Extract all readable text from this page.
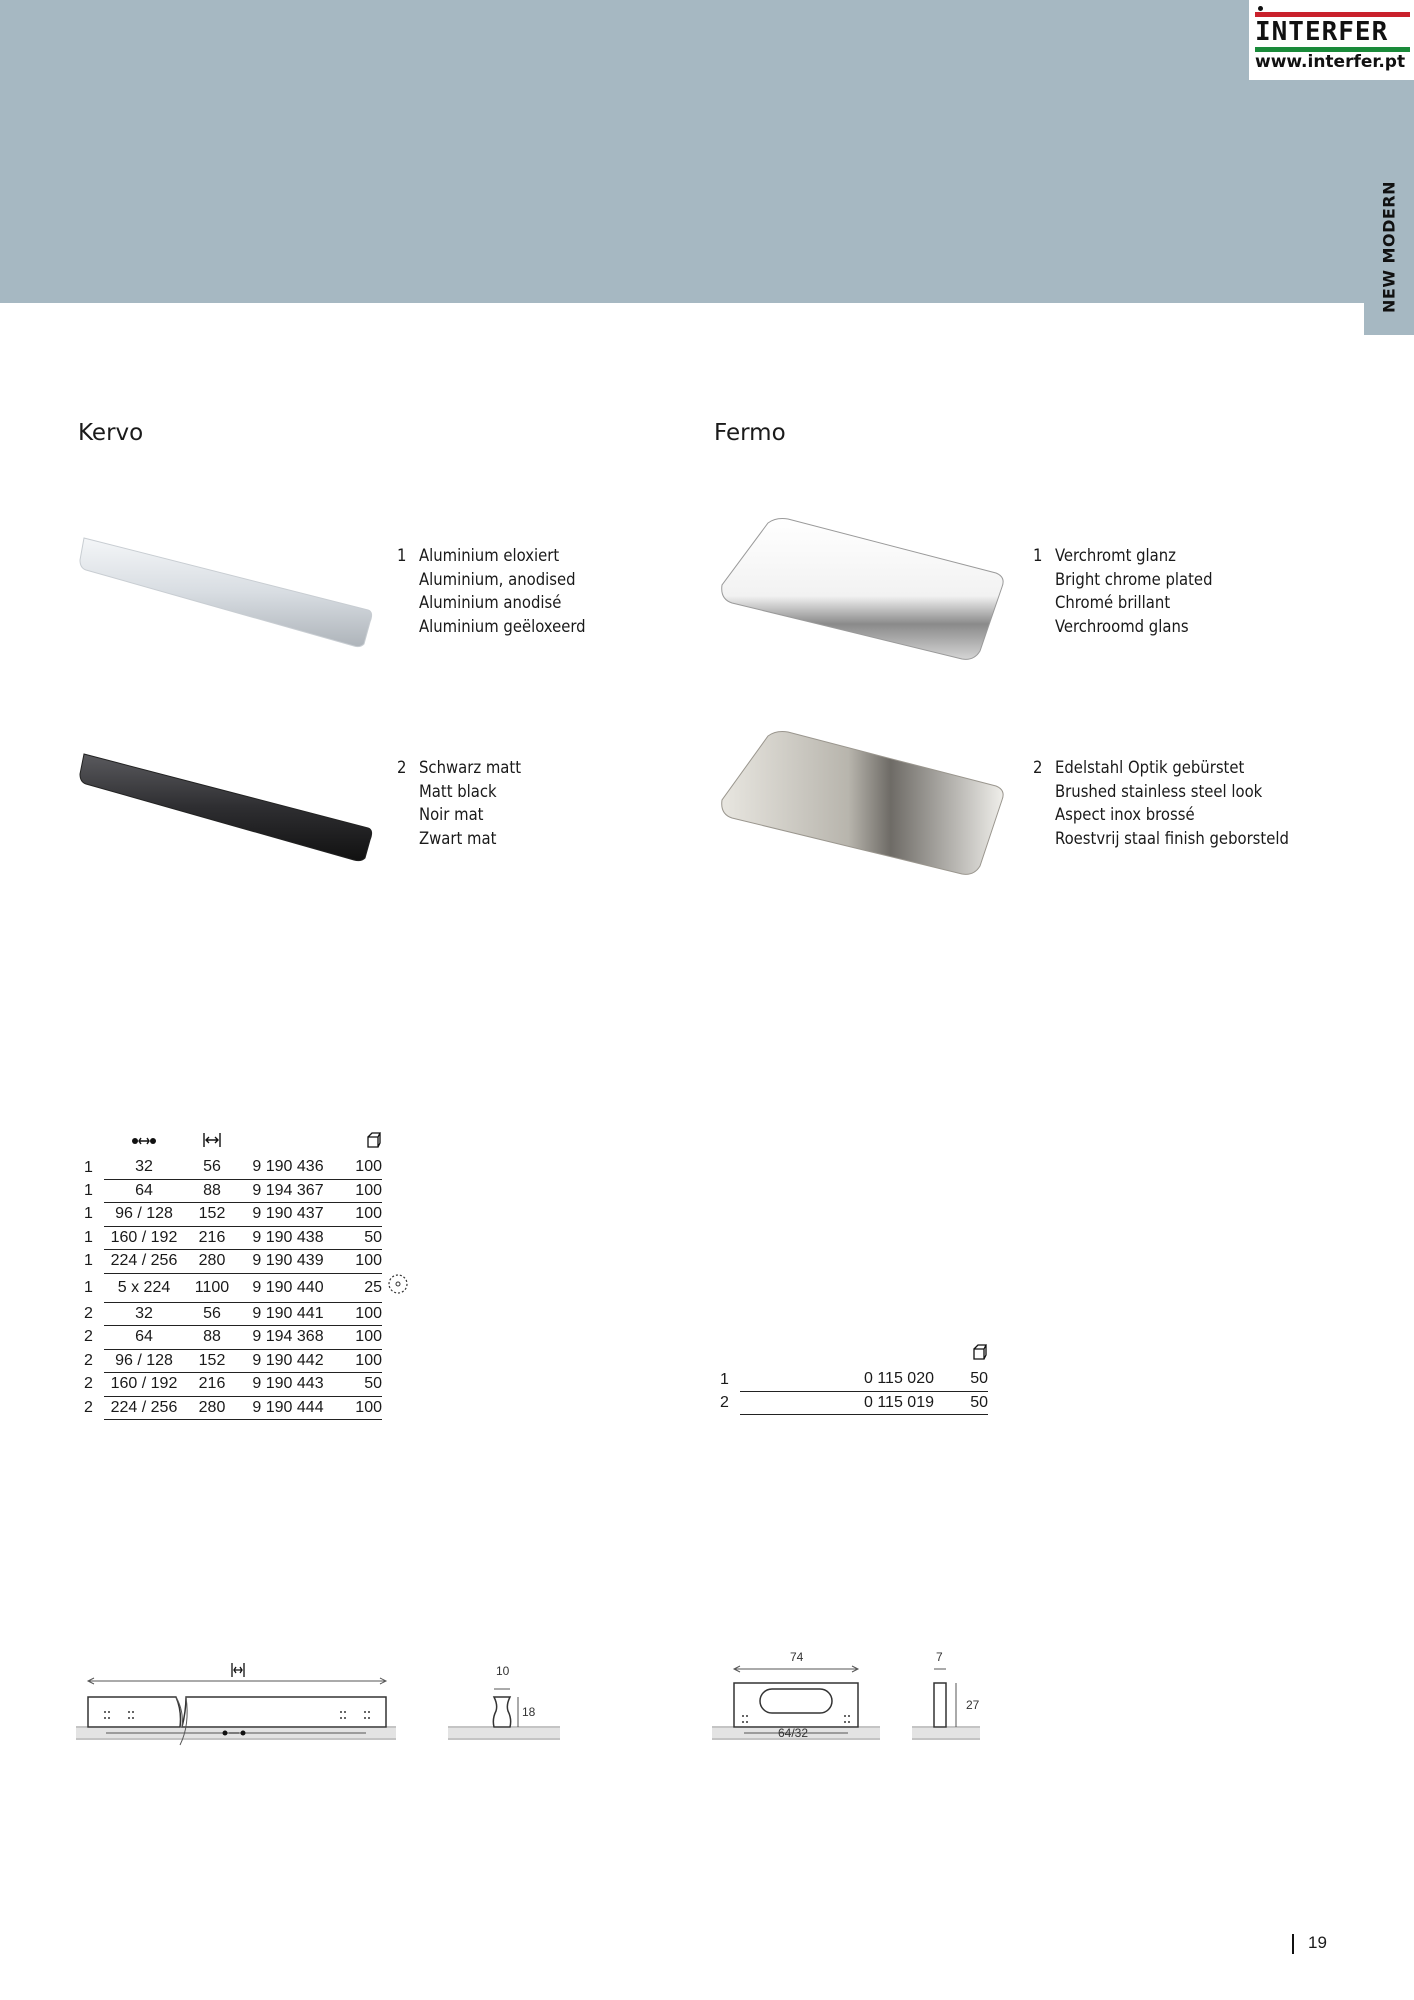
INTERFER
www.interfer.pt
NEW MODERN
Kervo	Fermo
1 Aluminium eloxiert
Aluminium, anodised
Aluminium anodisé
Aluminium geëloxeerd
2 Schwarz matt
Matt black
Noir mat
Zwart mat
1 Verchromt glanz
Bright chrome plated
Chromé brillant
Verchroomd glans
2 Edelstahl Optik gebürstet
Brushed stainless steel look
Aspect inox brossé
Roestvrij staal finish geborsteld

1	32	56	9 190 436	100	
1	64	88	9 194 367	100	
1	96 / 128	152	9 190 437	100	
1	160 / 192	216	9 190 438	50	
1	224 / 256	280	9 190 439	100	
1	5 x 224	1100	9 190 440	25	
2	32	56	9 190 441	100	
2	64	88	9 194 368	100	
2	96 / 128	152	9 190 442	100	
2	160 / 192	216	9 190 443	50	
2	224 / 256	280	9 190 444	100	

1	0 115 020	50
2	0 115 019	50
10
18
74
64/32
7
27
19
